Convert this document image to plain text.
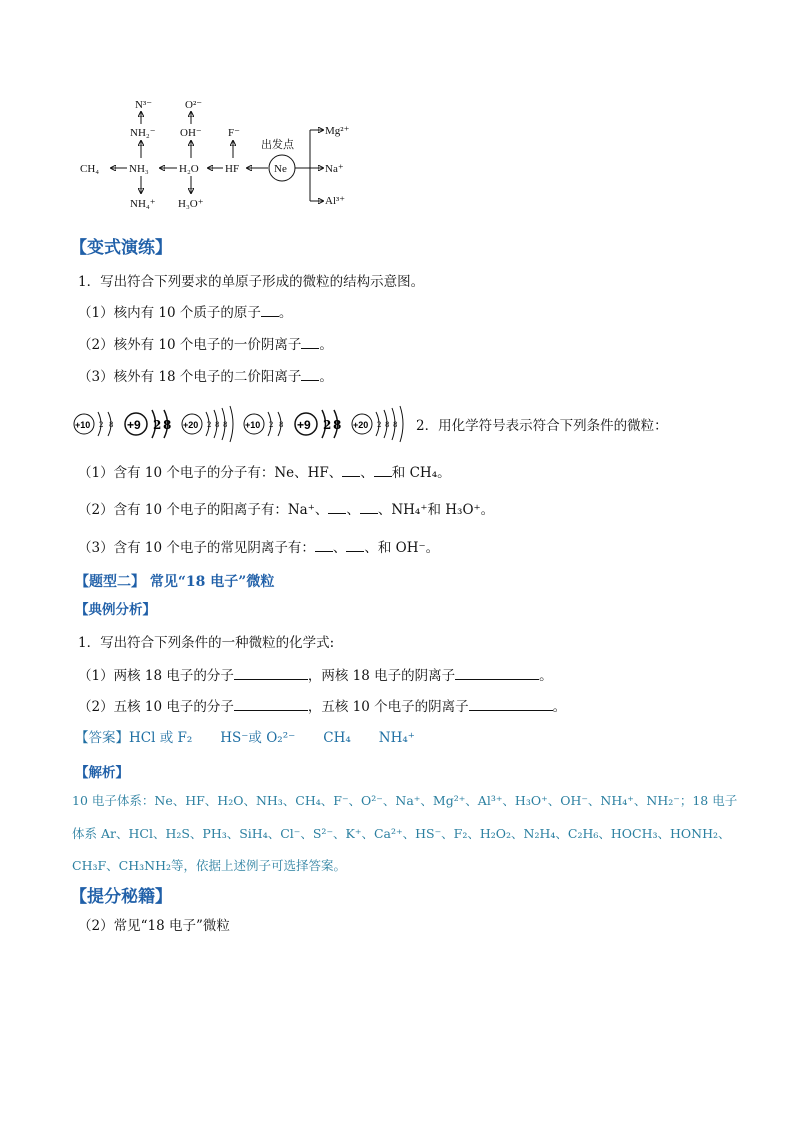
CH₄
N³⁻
NH₂⁻
NH₃
NH₄⁺
O²⁻
OH⁻
H₂O
H₃O⁺
F⁻
HF
出发点
Ne
Mg²⁺
Na⁺
Al³⁺
【变式演练】
1．写出符合下列要求的单原子形成的微粒的结构示意图。
（1）核内有 10 个质子的原子 。
（2）核外有 10 个电子的一价阴离子 。
（3）核外有 18 个电子的二价阳离子 。
+10 2 8 +9 2 8 +20 2 8 8 +10 2 8 +9 2 8 +20 2 8 8 2．用化学符号表示符合下列条件的微粒：
（1）含有 10 个电子的分子有：Ne、HF、 、 和 CH₄。
（2）含有 10 个电子的阳离子有：Na⁺、 、 、NH₄⁺和 H₃O⁺。
（3）含有 10 个电子的常见阴离子有： 、 、和 OH⁻。
【题型二】 常见“18 电子”微粒
【典例分析】
1．写出符合下列条件的一种微粒的化学式:
（1）两核 18 电子的分子	，两核 18 电子的阴离子	。
（2）五核 10 电子的分子	，五核 10 个电子的阴离子	。
【答案】HCl 或 F₂ HS⁻或 O₂²⁻ CH₄ NH₄⁺
【解析】
10 电子体系：Ne、HF、H₂O、NH₃、CH₄、F⁻、O²⁻、Na⁺、Mg²⁺、Al³⁺、H₃O⁺、OH⁻、NH₄⁺、NH₂⁻；18 电子
体系 Ar、HCl、H₂S、PH₃、SiH₄、Cl⁻、S²⁻、K⁺、Ca²⁺、HS⁻、F₂、H₂O₂、N₂H₄、C₂H₆、HOCH₃、HONH₂、
CH₃F、CH₃NH₂等，依据上述例子可选择答案。
【提分秘籍】
（2）常见“18 电子”微粒
